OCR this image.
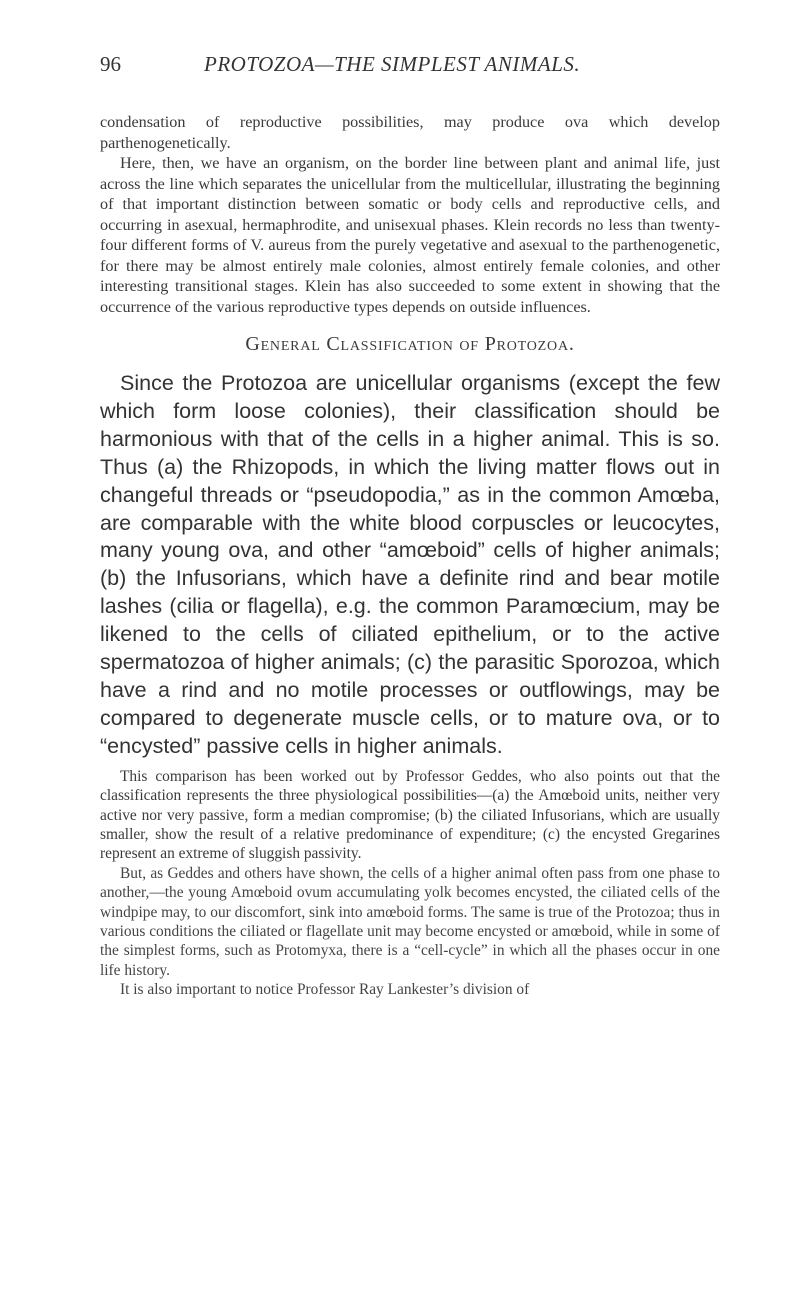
96	PROTOZOA—THE SIMPLEST ANIMALS.

condensation of reproductive possibilities, may produce ova which develop parthenogenetically.

Here, then, we have an organism, on the border line between plant and animal life, just across the line which separates the unicellular from the multicellular, illustrating the beginning of that important distinction between somatic or body cells and reproductive cells, and occurring in asexual, hermaphrodite, and unisexual phases. Klein records no less than twenty-four different forms of V. aureus from the purely vegetative and asexual to the parthenogenetic, for there may be almost entirely male colonies, almost entirely female colonies, and other interesting transitional stages. Klein has also succeeded to some extent in showing that the occurrence of the various reproductive types depends on outside influences.

General Classification of Protozoa.

Since the Protozoa are unicellular organisms (except the few which form loose colonies), their classification should be harmonious with that of the cells in a higher animal. This is so. Thus (a) the Rhizopods, in which the living matter flows out in changeful threads or “pseudopodia,” as in the common Amœba, are comparable with the white blood corpuscles or leucocytes, many young ova, and other “amœboid” cells of higher animals; (b) the Infusorians, which have a definite rind and bear motile lashes (cilia or flagella), e.g. the common Paramœcium, may be likened to the cells of ciliated epithelium, or to the active spermatozoa of higher animals; (c) the parasitic Sporozoa, which have a rind and no motile processes or outflowings, may be compared to degenerate muscle cells, or to mature ova, or to “encysted” passive cells in higher animals.

This comparison has been worked out by Professor Geddes, who also points out that the classification represents the three physiological possibilities—(a) the Amœboid units, neither very active nor very passive, form a median compromise; (b) the ciliated Infusorians, which are usually smaller, show the result of a relative predominance of expenditure; (c) the encysted Gregarines represent an extreme of sluggish passivity.

But, as Geddes and others have shown, the cells of a higher animal often pass from one phase to another,—the young Amœboid ovum accumulating yolk becomes encysted, the ciliated cells of the windpipe may, to our discomfort, sink into amœboid forms. The same is true of the Protozoa; thus in various conditions the ciliated or flagellate unit may become encysted or amœboid, while in some of the simplest forms, such as Protomyxa, there is a “cell-cycle” in which all the phases occur in one life history.

It is also important to notice Professor Ray Lankester’s division of
